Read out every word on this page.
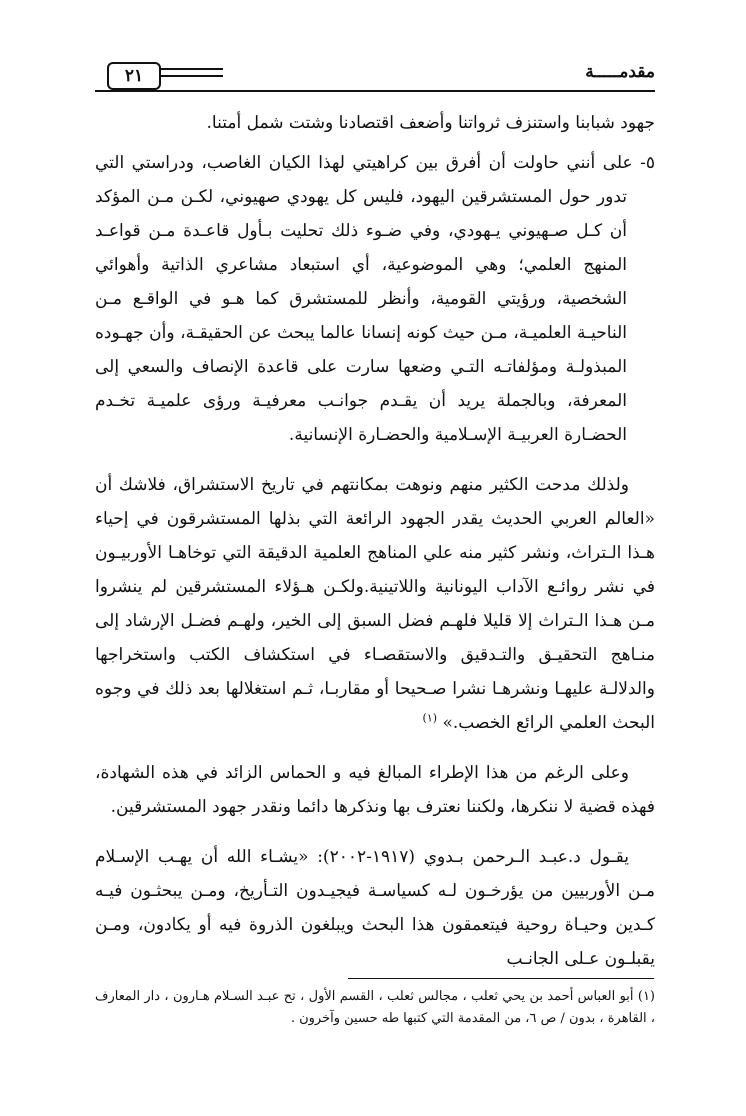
٢١	مقدمـــــة

جهود شبابنا واستنزف ثرواتنا وأضعف اقتصادنا وشتت شمل أمتنا.

٥- على أنني حاولت أن أفرق بين كراهيتي لهذا الكيان الغاصب، ودراستي التي تدور حول المستشرقين اليهود، فليس كل يهودي صهيوني، لكـن مـن المؤكد أن كـل صـهيوني يـهودي، وفي ضـوء ذلك تحليت بـأول قاعـدة مـن قواعـد المنهج العلمي؛ وهي الموضوعية، أي استبعاد مشاعري الذاتية وأهوائي الشخصية، ورؤيتي القومية، وأنظر للمستشرق كما هـو في الواقـع مـن الناحيـة العلميـة، مـن حيث كونه إنسانا عالما يبحث عن الحقيقـة، وأن جهـوده المبذولـة ومؤلفاتـه التـي وضعها سارت على قاعدة الإنصاف والسعي إلى المعرفة، وبالجملة يريد أن يقـدم جوانـب معرفيـة ورؤى علميـة تخـدم الحضـارة العربيـة الإسـلامية والحضـارة الإنسانية.

ولذلك مدحت الكثير منهم ونوهت بمكانتهم في تاريخ الاستشراق، فلاشك أن «العالم العربي الحديث يقدر الجهود الرائعة التي بذلها المستشرقون في إحياء هـذا الـتراث، ونشر كثير منه علي المناهج العلمية الدقيقة التي توخاهـا الأوربيـون في نشر روائـع الآداب اليونانية واللاتينية.ولكـن هـؤلاء المستشرقين لم ينشروا مـن هـذا الـتراث إلا قليلا فلهـم فضل السبق إلى الخير، ولهـم فضـل الإرشاد إلى منـاهج التحقيـق والتـدقيق والاستقصـاء في استكشاف الكتب واستخراجها والدلالـة عليهـا ونشرهـا نشرا صـحيحا أو مقاربـا، ثـم استغلالها بعد ذلك في وجوه البحث العلمي الرائع الخصب.» $^{(١)}$

وعلى الرغم من هذا الإطراء المبالغ فيه و الحماس الزائد في هذه الشهادة، فهذه قضية لا ننكرها، ولكننا نعترف بها ونذكرها دائما ونقدر جهود المستشرقين.

يقـول د.عبـد الـرحمن بـدوي (١٩١٧-٢٠٠٢): «يشـاء الله أن يهـب الإسـلام مـن الأوربيين من يؤرخـون لـه كسياسـة فيجيـدون التـأريخ، ومـن يبحثـون فيـه كـدين وحيـاة روحية فيتعمقون هذا البحث ويبلغون الذروة فيه أو يكادون، ومـن يقبلـون عـلى الجانـب

(١) أبو العباس أحمد بن يحي ثعلب ، مجالس ثعلب ، القسم الأول ، تح عبـد السـلام هـارون ، دار المعارف ، القاهرة ، بدون / ص ٦، من المقدمة التي كتبها طه حسين وآخرون .
